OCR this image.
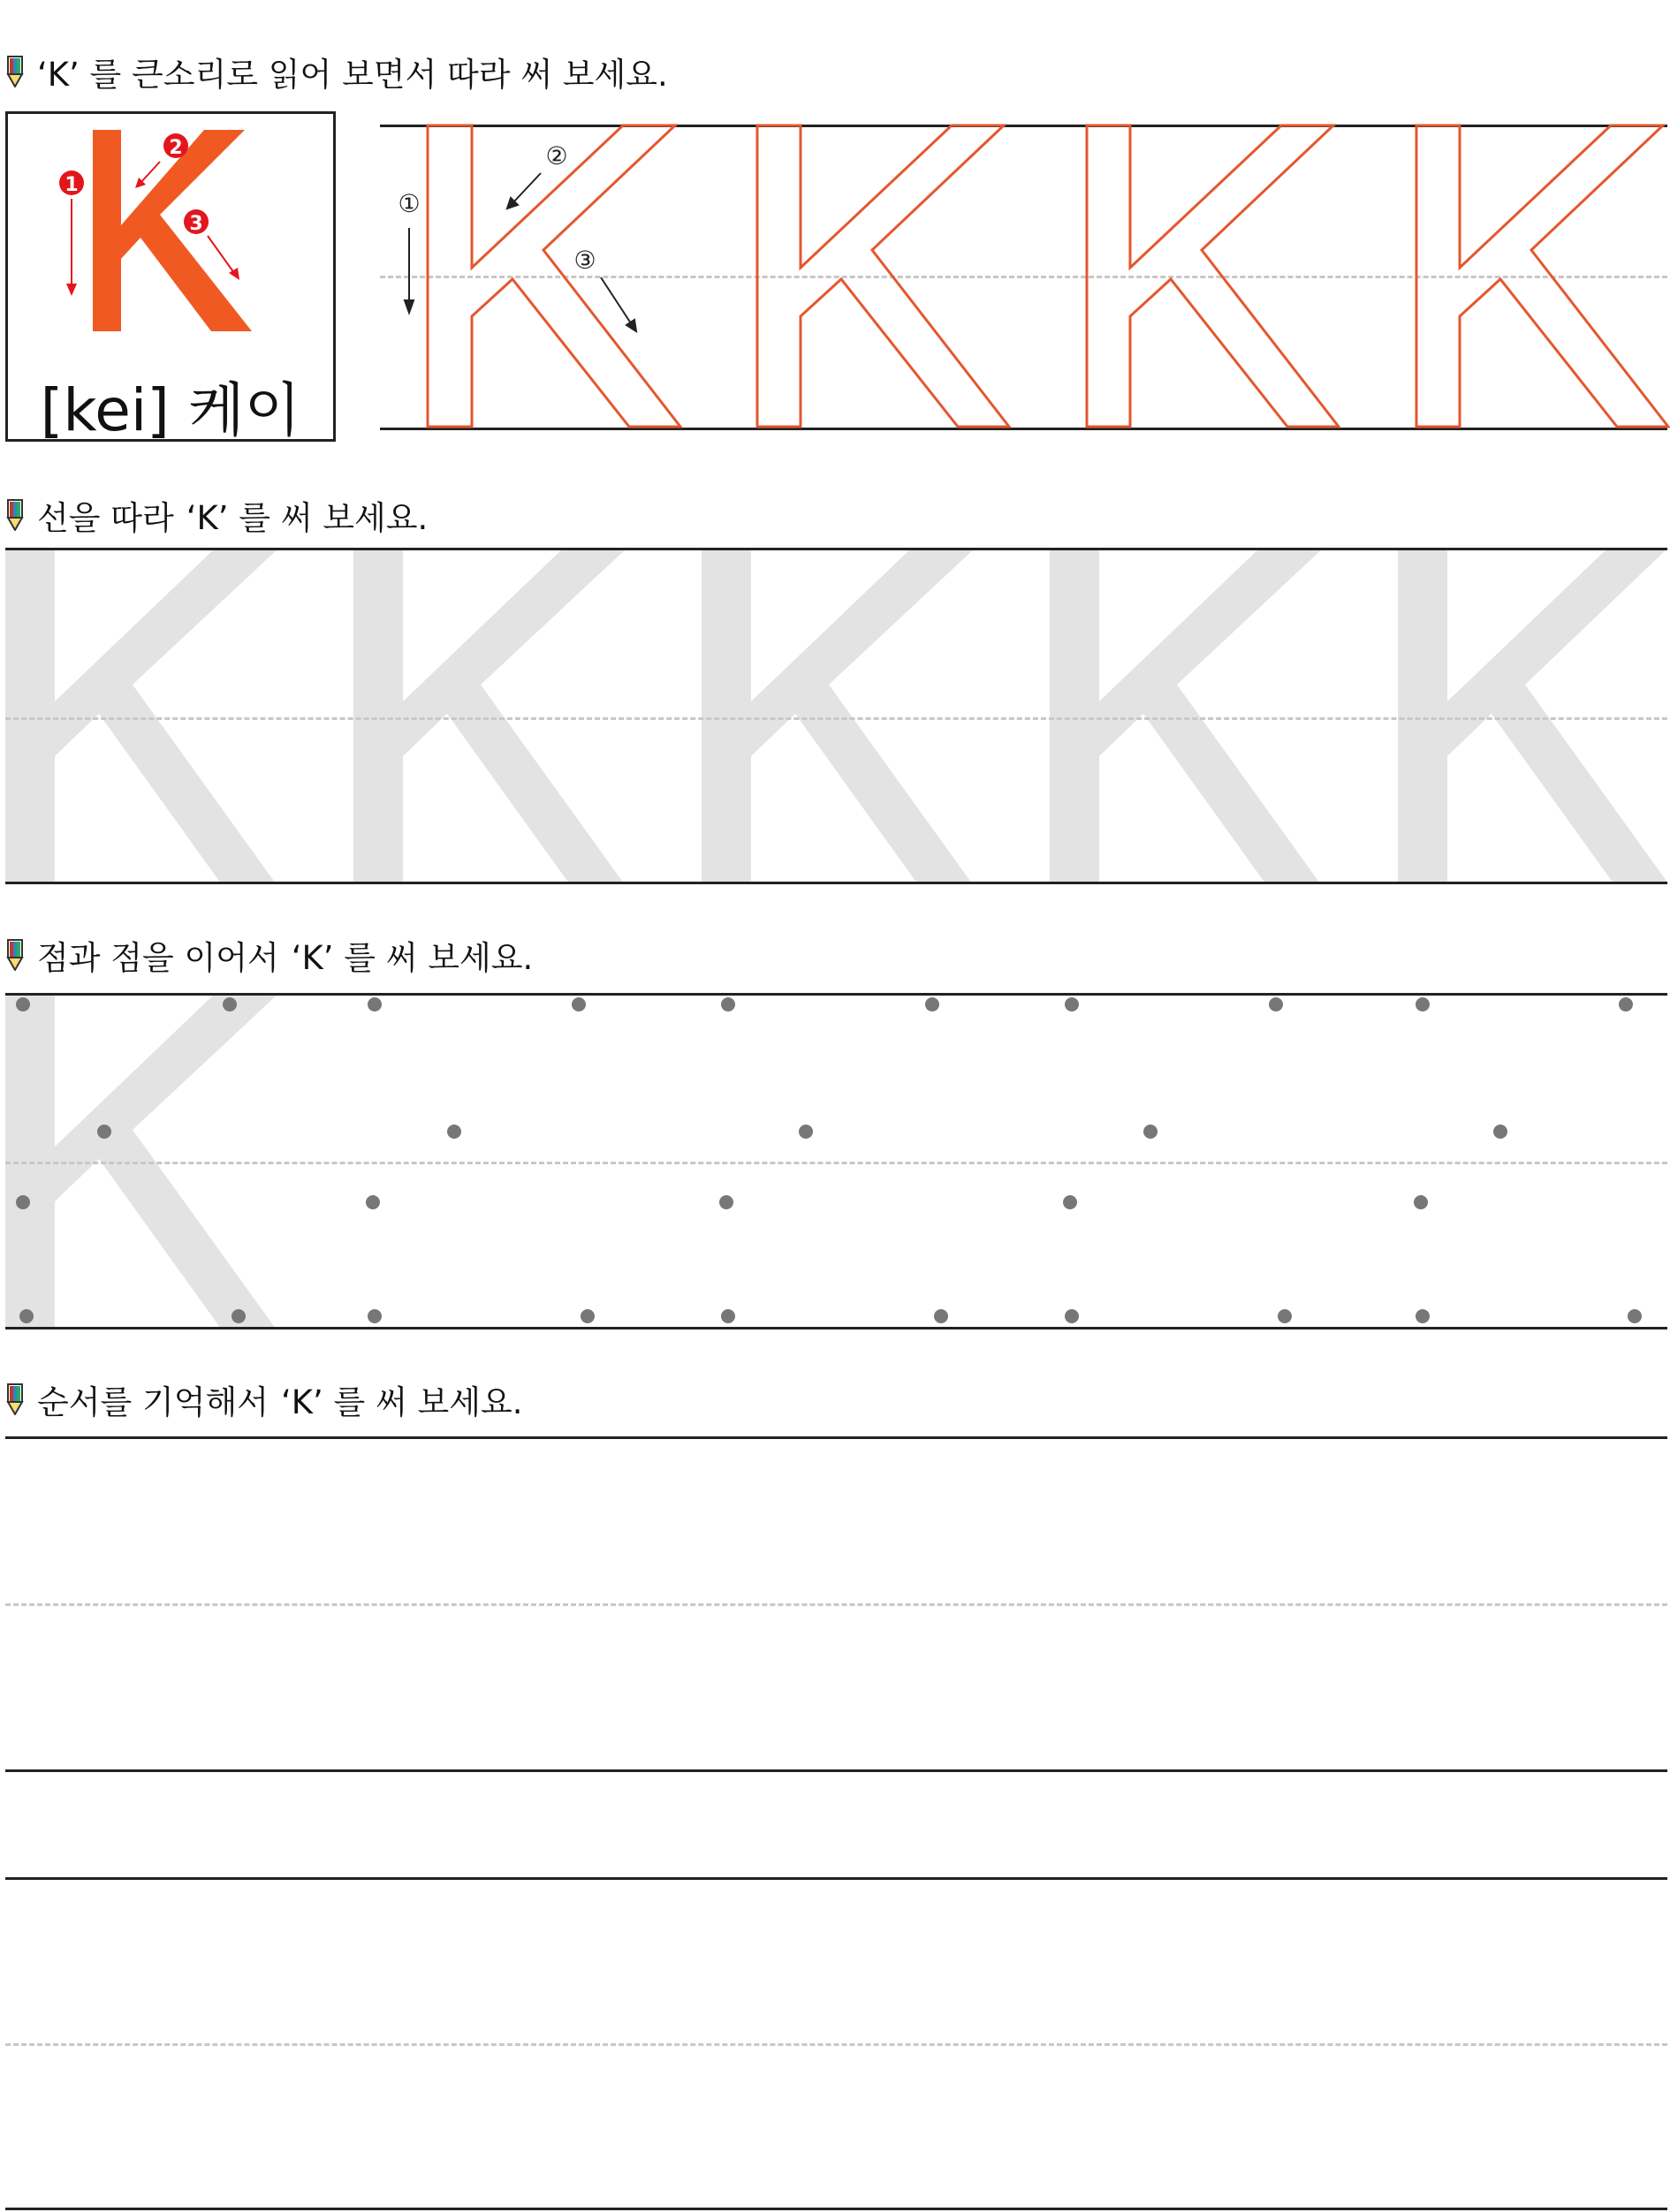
‘K’ 를 큰소리로 읽어 보면서 따라 써 보세요.
1
2
3
[kei] 케이
①
②
③
선을 따라 ‘K’ 를 써 보세요.
점과 점을 이어서 ‘K’ 를 써 보세요.
순서를 기억해서 ‘K’ 를 써 보세요.
